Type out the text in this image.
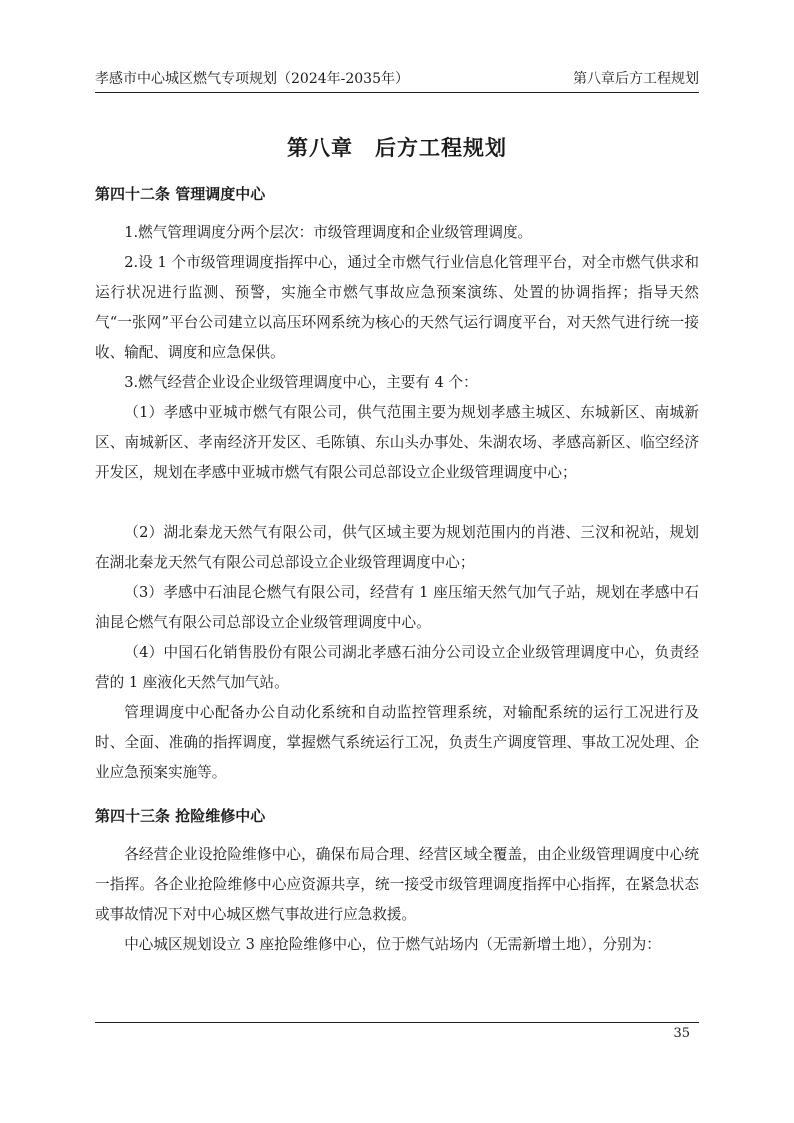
孝感市中心城区燃气专项规划（2024年-2035年）	第八章后方工程规划
第八章　后方工程规划
第四十二条 管理调度中心

1.燃气管理调度分两个层次：市级管理调度和企业级管理调度。

2.设 1 个市级管理调度指挥中心，通过全市燃气行业信息化管理平台，对全市燃气供求和运行状况进行监测、预警，实施全市燃气事故应急预案演练、处置的协调指挥；指导天然气“一张网”平台公司建立以高压环网系统为核心的天然气运行调度平台，对天然气进行统一接收、输配、调度和应急保供。

3.燃气经营企业设企业级管理调度中心，主要有 4 个：

（1）孝感中亚城市燃气有限公司，供气范围主要为规划孝感主城区、东城新区、南城新区、南城新区、孝南经济开发区、毛陈镇、东山头办事处、朱湖农场、孝感高新区、临空经济开发区，规划在孝感中亚城市燃气有限公司总部设立企业级管理调度中心；

（2）湖北秦龙天然气有限公司，供气区域主要为规划范围内的肖港、三汊和祝站，规划在湖北秦龙天然气有限公司总部设立企业级管理调度中心；

（3）孝感中石油昆仑燃气有限公司，经营有 1 座压缩天然气加气子站，规划在孝感中石油昆仑燃气有限公司总部设立企业级管理调度中心。

（4）中国石化销售股份有限公司湖北孝感石油分公司设立企业级管理调度中心，负责经营的 1 座液化天然气加气站。

管理调度中心配备办公自动化系统和自动监控管理系统，对输配系统的运行工况进行及时、全面、准确的指挥调度，掌握燃气系统运行工况，负责生产调度管理、事故工况处理、企业应急预案实施等。

第四十三条 抢险维修中心

各经营企业设抢险维修中心，确保布局合理、经营区域全覆盖，由企业级管理调度中心统一指挥。各企业抢险维修中心应资源共享，统一接受市级管理调度指挥中心指挥，在紧急状态或事故情况下对中心城区燃气事故进行应急救援。

中心城区规划设立 3 座抢险维修中心，位于燃气站场内（无需新增土地），分别为：

35
